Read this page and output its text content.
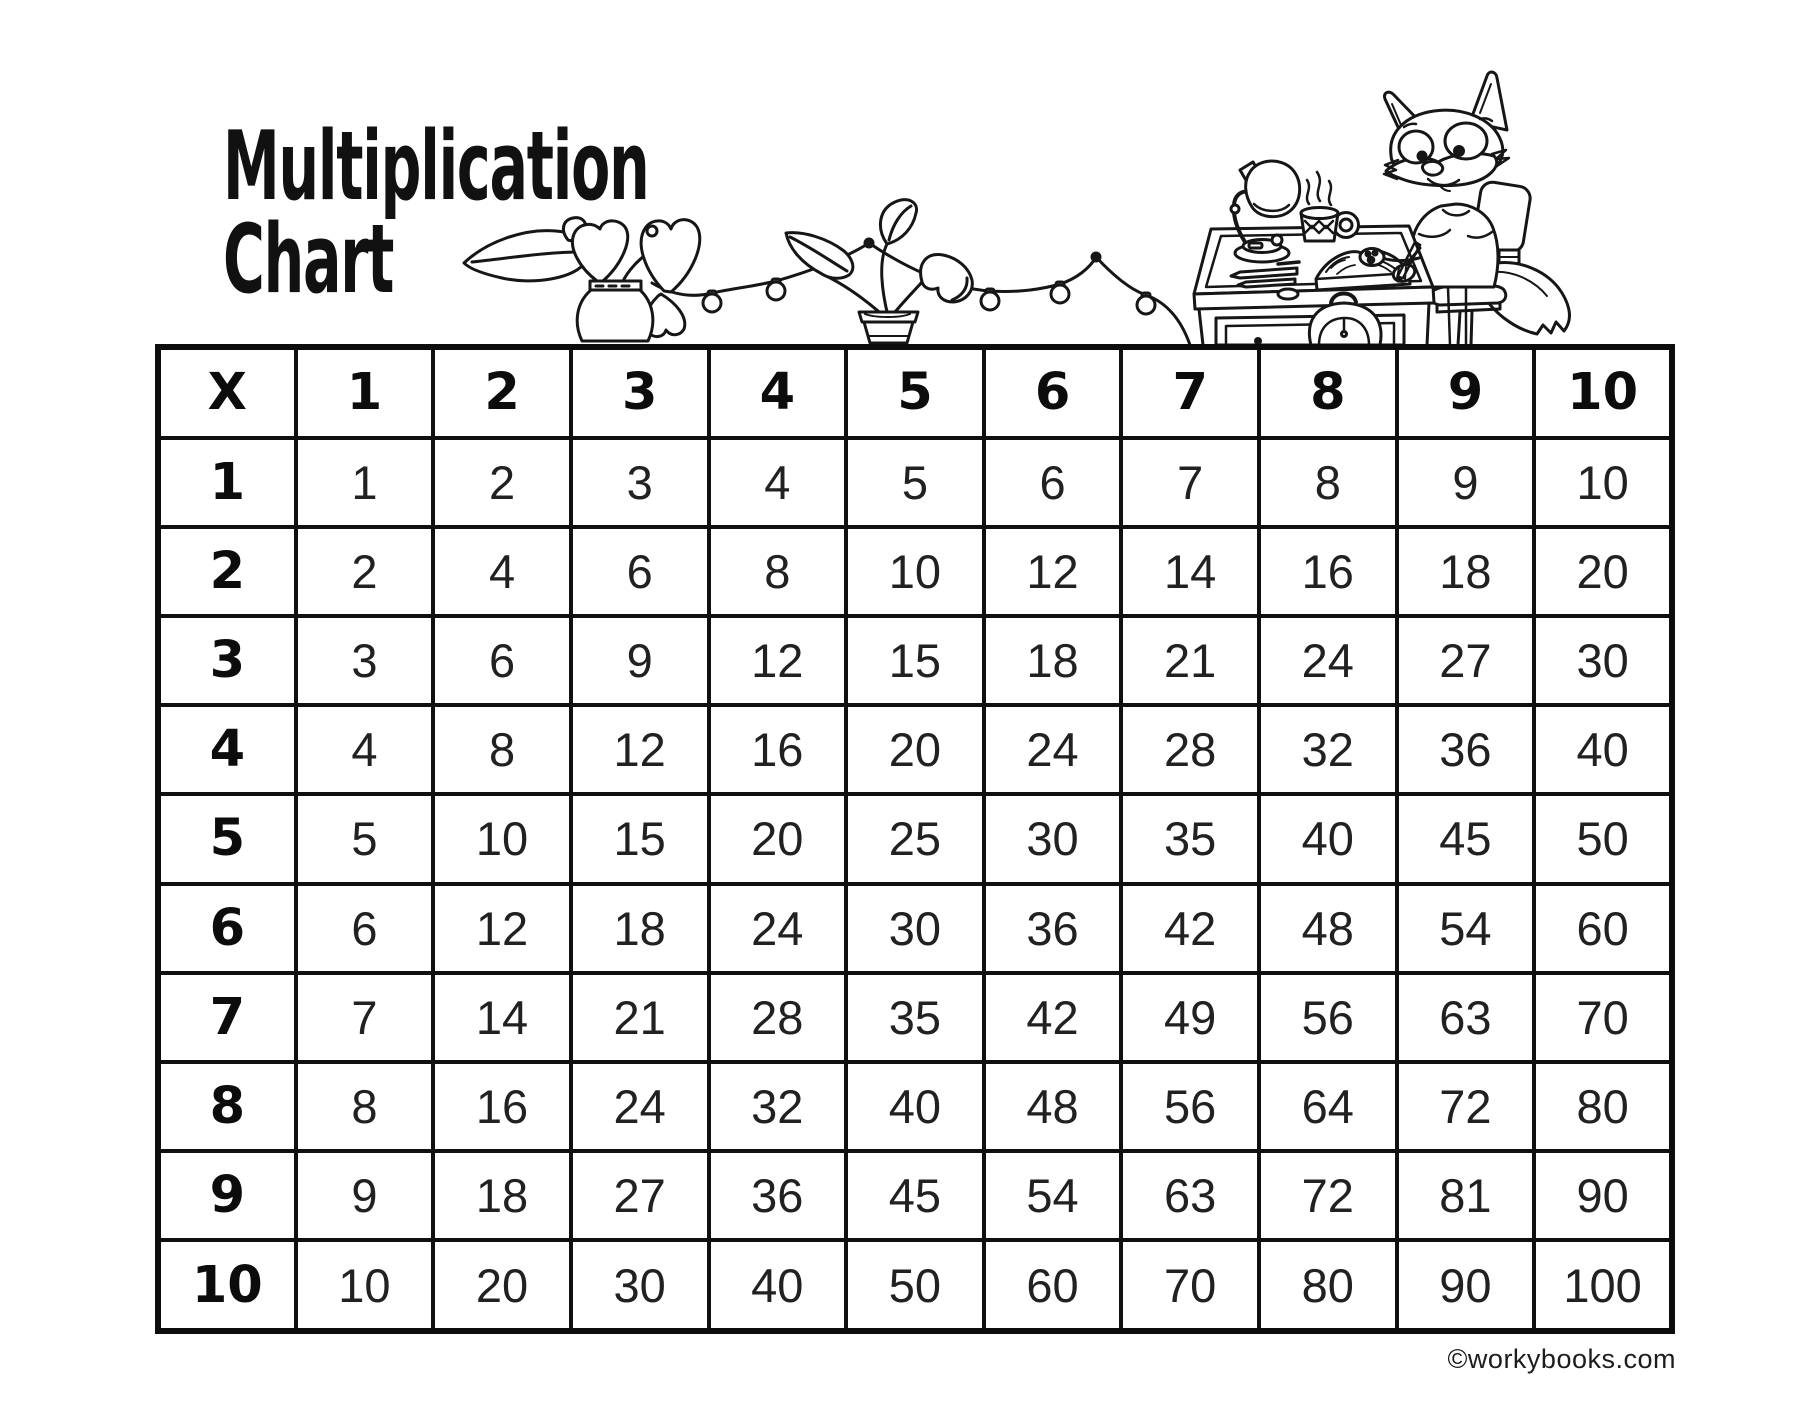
Multiplication
Chart
X	1	2	3	4	5	6	7	8	9	10
1	1	2	3	4	5	6	7	8	9	10
2	2	4	6	8	10	12	14	16	18	20
3	3	6	9	12	15	18	21	24	27	30
4	4	8	12	16	20	24	28	32	36	40
5	5	10	15	20	25	30	35	40	45	50
6	6	12	18	24	30	36	42	48	54	60
7	7	14	21	28	35	42	49	56	63	70
8	8	16	24	32	40	48	56	64	72	80
9	9	18	27	36	45	54	63	72	81	90
10	10	20	30	40	50	60	70	80	90	100
©workybooks.com
